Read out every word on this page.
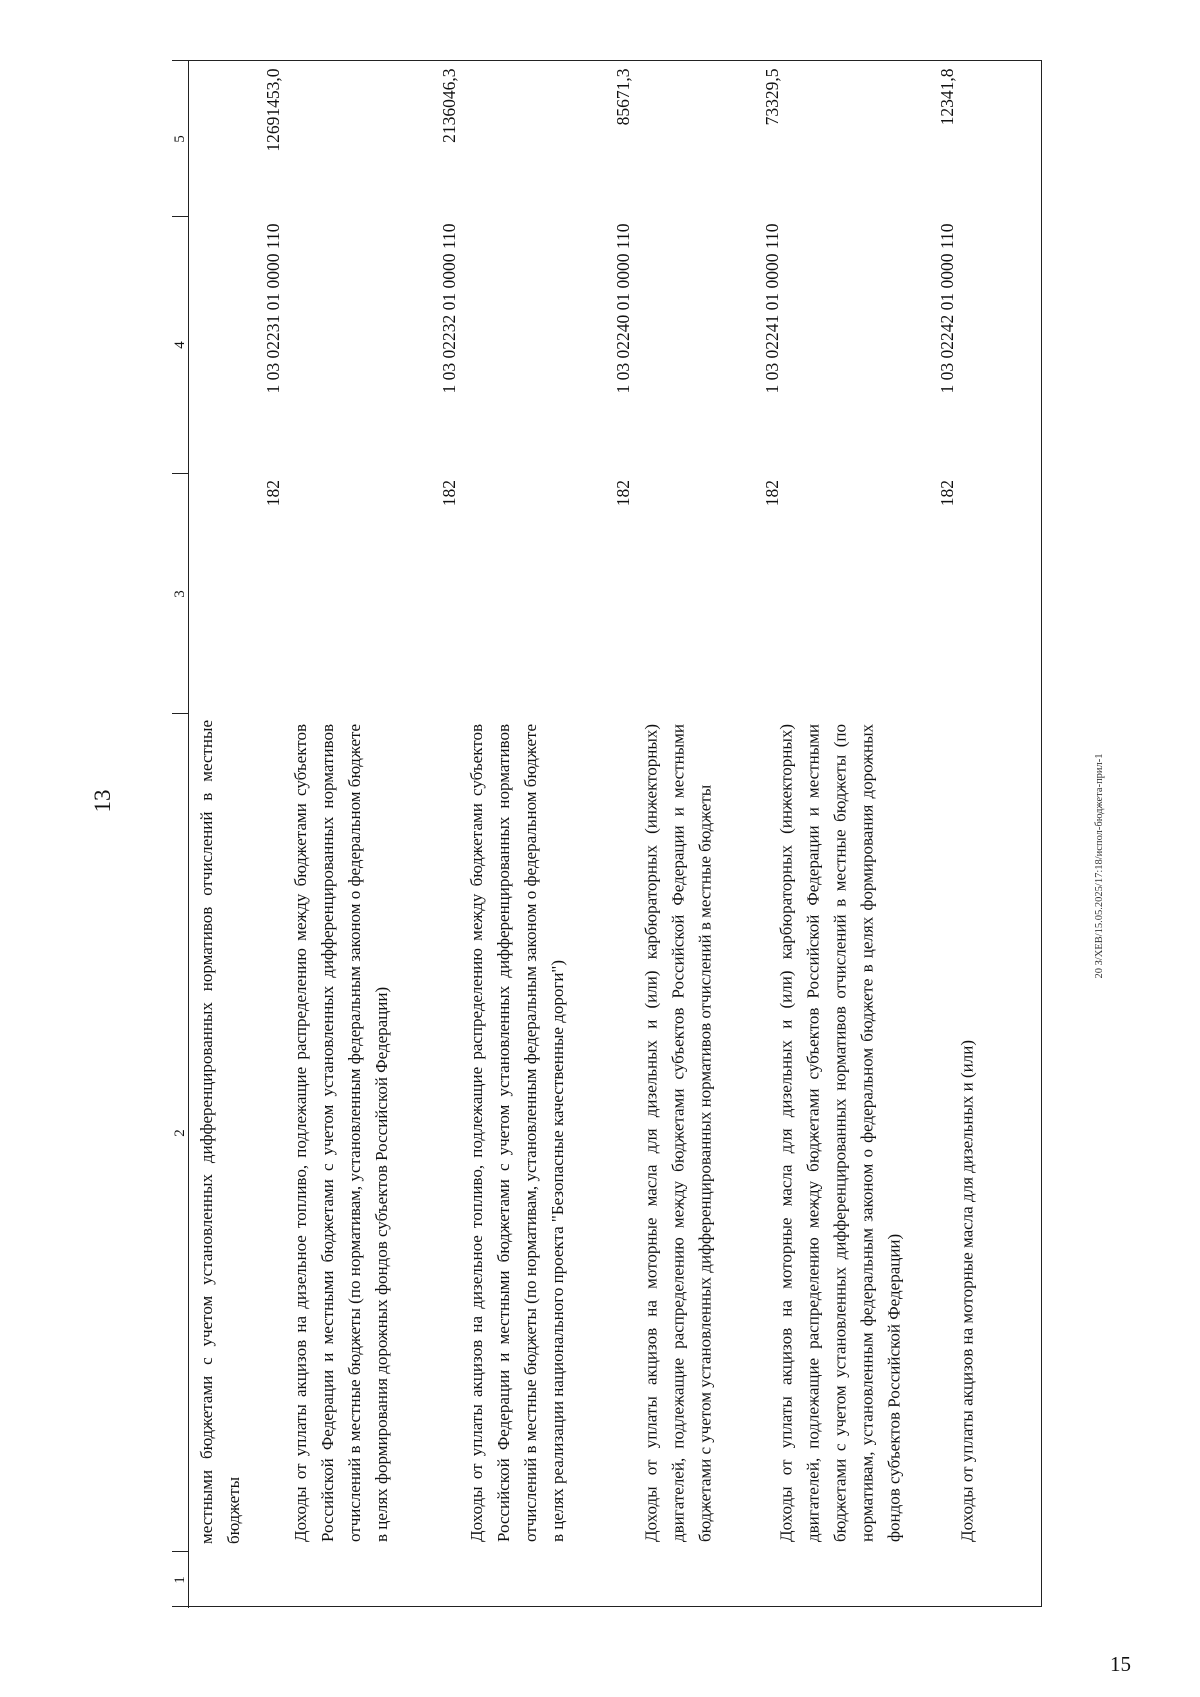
13
1
2
3
4
5
местными бюджетами с учетом установленных дифференцированных нормативов отчислений в местные бюджеты	Доходы от уплаты акцизов на дизельное топливо, подлежащие распределению между бюджетами субъектов Российской Федерации и местными бюджетами с учетом установленных дифференцированных нормативов отчислений в местные бюджеты (по нормативам, установленным федеральным законом о федеральном бюджете в целях формирования дорожных фондов субъектов Российской Федерации)
182
1 03 02231 01 0000 110
12691453,0
Доходы от уплаты акцизов на дизельное топливо, подлежащие распределению между бюджетами субъектов Российской Федерации и местными бюджетами с учетом установленных дифференцированных нормативов отчислений в местные бюджеты (по нормативам, установленным федеральным законом о федеральном бюджете в целях реализации национального проекта "Безопасные качественные дороги")
182
1 03 02232 01 0000 110
2136046,3
Доходы от уплаты акцизов на моторные масла для дизельных и (или) карбюраторных (инжекторных) двигателей, подлежащие распределению между бюджетами субъектов Российской Федерации и местными бюджетами с учетом установленных дифференцированных нормативов отчислений в местные бюджеты
182
1 03 02240 01 0000 110
85671,3
Доходы от уплаты акцизов на моторные масла для дизельных и (или) карбюраторных (инжекторных) двигателей, подлежащие распределению между бюджетами субъектов Российской Федерации и местными бюджетами с учетом установленных дифференцированных нормативов отчислений в местные бюджеты (по нормативам, установленным федеральным законом о федеральном бюджете в целях формирования дорожных фондов субъектов Российской Федерации)
182
1 03 02241 01 0000 110
73329,5
Доходы от уплаты акцизов на моторные масла для дизельных и (или)
182
1 03 02242 01 0000 110
12341,8
20 З/ХЕВ/15.05.2025/17:18/испол-бюджета-прил-1
15
